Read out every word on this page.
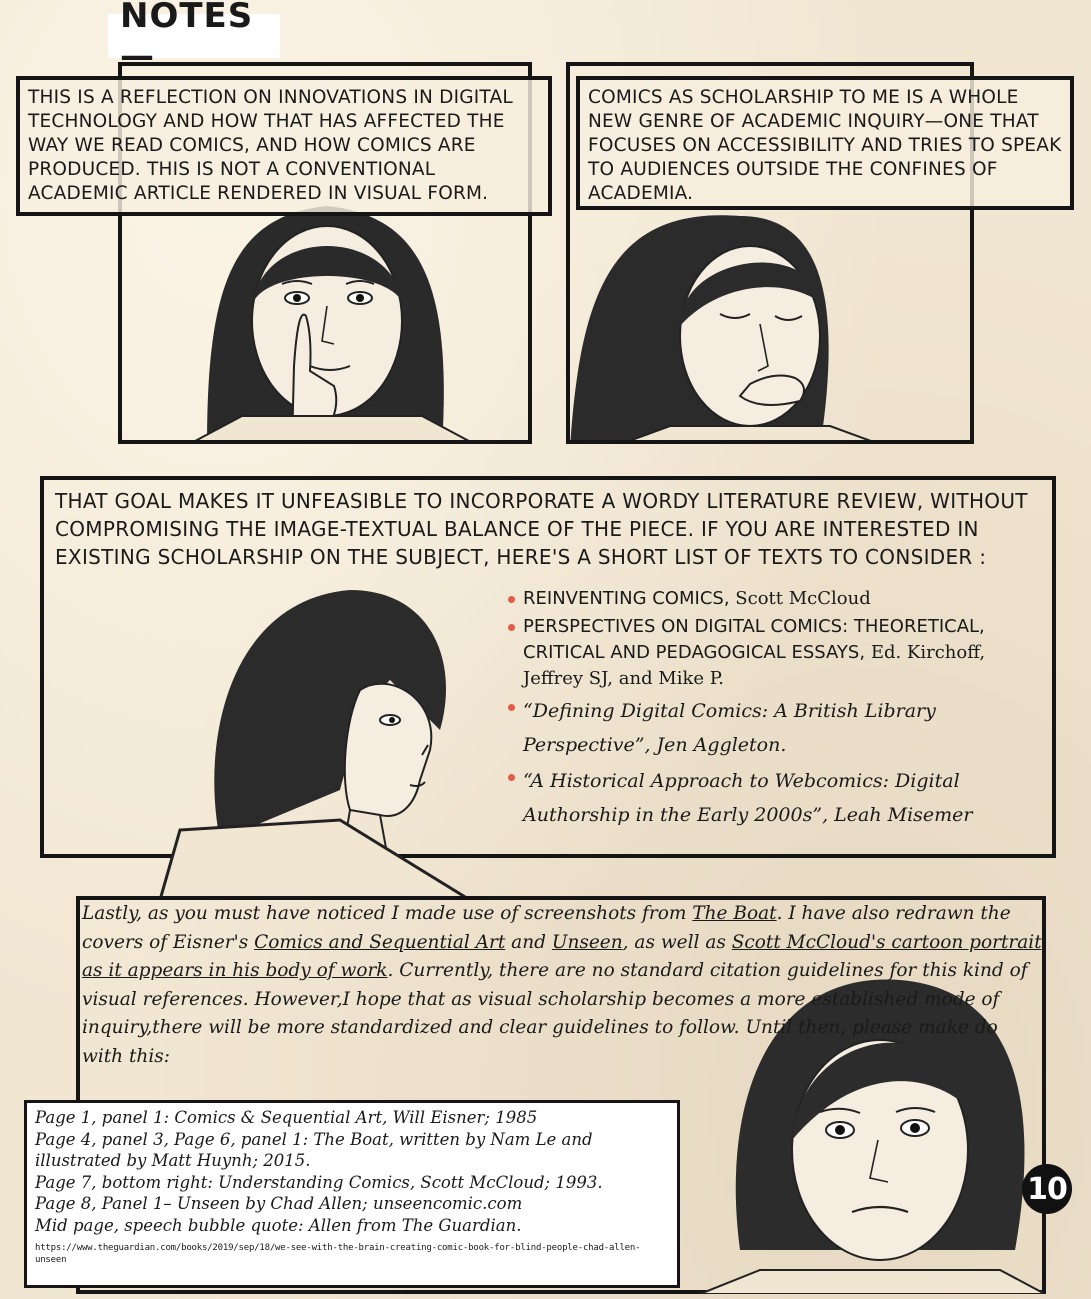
NOTES—
THIS IS A REFLECTION ON INNOVATIONS IN DIGITAL TECHNOLOGY AND HOW THAT HAS AFFECTED THE WAY WE READ COMICS, AND HOW COMICS ARE PRODUCED. THIS IS NOT A CONVENTIONAL ACADEMIC ARTICLE RENDERED IN VISUAL FORM.
COMICS AS SCHOLARSHIP TO ME IS A WHOLE NEW GENRE OF ACADEMIC INQUIRY—ONE THAT FOCUSES ON ACCESSIBILITY AND TRIES TO SPEAK TO AUDIENCES OUTSIDE THE CONFINES OF ACADEMIA.
THAT GOAL MAKES IT UNFEASIBLE TO INCORPORATE A WORDY LITERATURE REVIEW, WITHOUT COMPROMISING THE IMAGE-TEXTUAL BALANCE OF THE PIECE. IF YOU ARE INTERESTED IN EXISTING SCHOLARSHIP ON THE SUBJECT, HERE'S A SHORT LIST OF TEXTS TO CONSIDER :
REINVENTING COMICS, Scott McCloud
PERSPECTIVES ON DIGITAL COMICS: THEORETICAL, CRITICAL AND PEDAGOGICAL ESSAYS, Ed. Kirchoff, Jeffrey SJ, and Mike P.
“Defining Digital Comics: A British Library Perspective”, Jen Aggleton.
“A Historical Approach to Webcomics: Digital Authorship in the Early 2000s”, Leah Misemer
Lastly, as you must have noticed I made use of screenshots from The Boat. I have also redrawn the covers of Eisner's Comics and Sequential Art and Unseen, as well as Scott McCloud's cartoon portrait as it appears in his body of work. Currently, there are no standard citation guidelines for this kind of visual references. However,I hope that as visual scholarship becomes a more established mode of inquiry,there will be more standardized and clear guidelines to follow. Until then, please make do with this:
Page 1, panel 1: Comics & Sequential Art, Will Eisner; 1985
Page 4, panel 3, Page 6, panel 1: The Boat, written by Nam Le and illustrated by Matt Huynh; 2015.
Page 7, bottom right: Understanding Comics, Scott McCloud; 1993.
Page 8, Panel 1– Unseen by Chad Allen; unseencomic.com
Mid page, speech bubble quote: Allen from The Guardian.
https://www.theguardian.com/books/2019/sep/18/we-see-with-the-brain-creating-comic-book-for-blind-people-chad-allen-unseen
10
